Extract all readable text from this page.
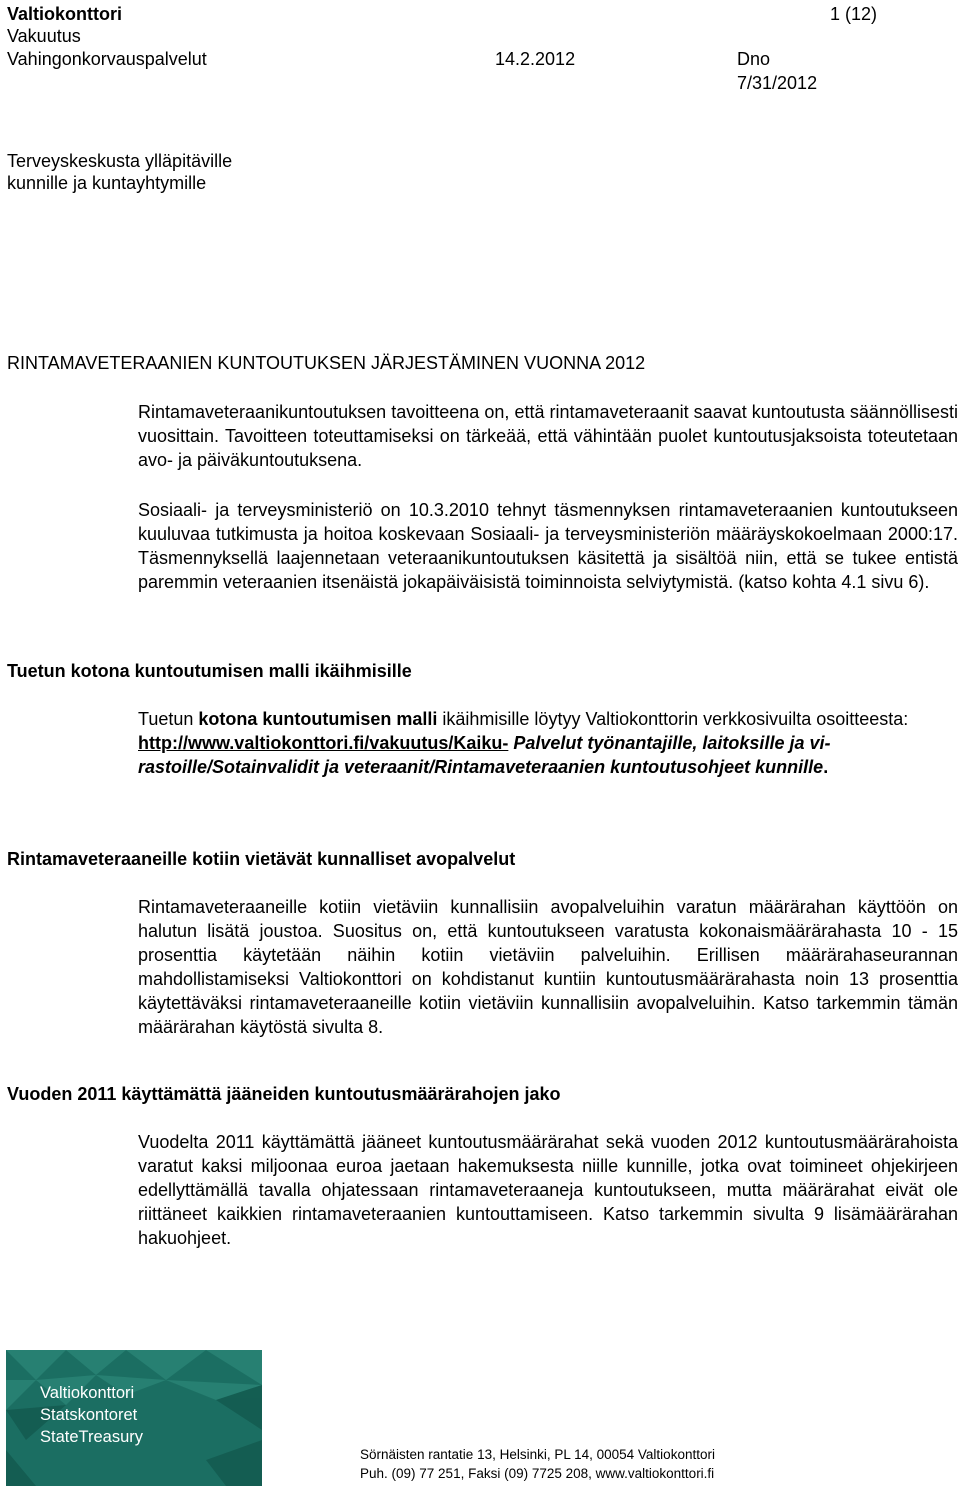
Valtiokonttori
Vakuutus
Vahingonkorvauspalvelut	14.2.2012	Dno
7/31/2012
1 (12)
Terveyskeskusta ylläpitäville
kunnille ja kuntayhtymille
RINTAMAVETERAANIEN KUNTOUTUKSEN JÄRJESTÄMINEN VUONNA 2012

Rintamaveteraanikuntoutuksen tavoitteena on, että rintamaveteraanit saavat kuntoutusta säännöllisesti vuosittain. Tavoitteen toteuttamiseksi on tärkeää, että vähintään puolet kuntoutusjaksoista toteutetaan avo- ja päiväkuntoutuksena.

Sosiaali- ja terveysministeriö on 10.3.2010 tehnyt täsmennyksen rintamaveteraanien kuntoutukseen kuuluvaa tutkimusta ja hoitoa koskevaan Sosiaali- ja terveysministeriön määräyskokoelmaan 2000:17. Täsmennyksellä laajennetaan veteraanikuntoutuksen käsitettä ja sisältöä niin, että se tukee entistä paremmin veteraanien itsenäistä jokapäiväisistä toiminnoista selviytymistä. (katso kohta 4.1 sivu 6).

Tuetun kotona kuntoutumisen malli ikäihmisille

Tuetun kotona kuntoutumisen malli ikäihmisille löytyy Valtiokonttorin verkkosivuilta osoitteesta:

http://www.valtiokonttori.fi/vakuutus/Kaiku- Palvelut työnantajille, laitoksille ja vi-

rastoille/Sotainvalidit ja veteraanit/Rintamaveteraanien kuntoutusohjeet kunnille.

Rintamaveteraaneille kotiin vietävät kunnalliset avopalvelut

Rintamaveteraaneille kotiin vietäviin kunnallisiin avopalveluihin varatun määrärahan käyttöön on halutun lisätä joustoa. Suositus on, että kuntoutukseen varatusta kokonaismäärärahasta 10 - 15 prosenttia käytetään näihin kotiin vietäviin palveluihin. Erillisen määrärahaseurannan mahdollistamiseksi Valtiokonttori on kohdistanut kuntiin kuntoutusmäärärahasta noin 13 prosenttia käytettäväksi rintamaveteraaneille kotiin vietäviin kunnallisiin avopalveluihin. Katso tarkemmin tämän määrärahan käytöstä sivulta 8.

Vuoden 2011 käyttämättä jääneiden kuntoutusmäärärahojen jako

Vuodelta 2011 käyttämättä jääneet kuntoutusmäärärahat sekä vuoden 2012 kuntoutusmäärärahoista varatut kaksi miljoonaa euroa jaetaan hakemuksesta niille kunnille, jotka ovat toimineet ohjekirjeen edellyttämällä tavalla ohjatessaan rintamaveteraaneja kuntoutukseen, mutta määrärahat eivät ole riittäneet kaikkien rintamaveteraanien kuntouttamiseen. Katso tarkemmin sivulta 9 lisämäärärahan hakuohjeet.

Valtiokonttori
Statskontoret
StateTreasury
Sörnäisten rantatie 13, Helsinki, PL 14, 00054 Valtiokonttori
Puh. (09) 77 251, Faksi (09) 7725 208, www.valtiokonttori.fi
